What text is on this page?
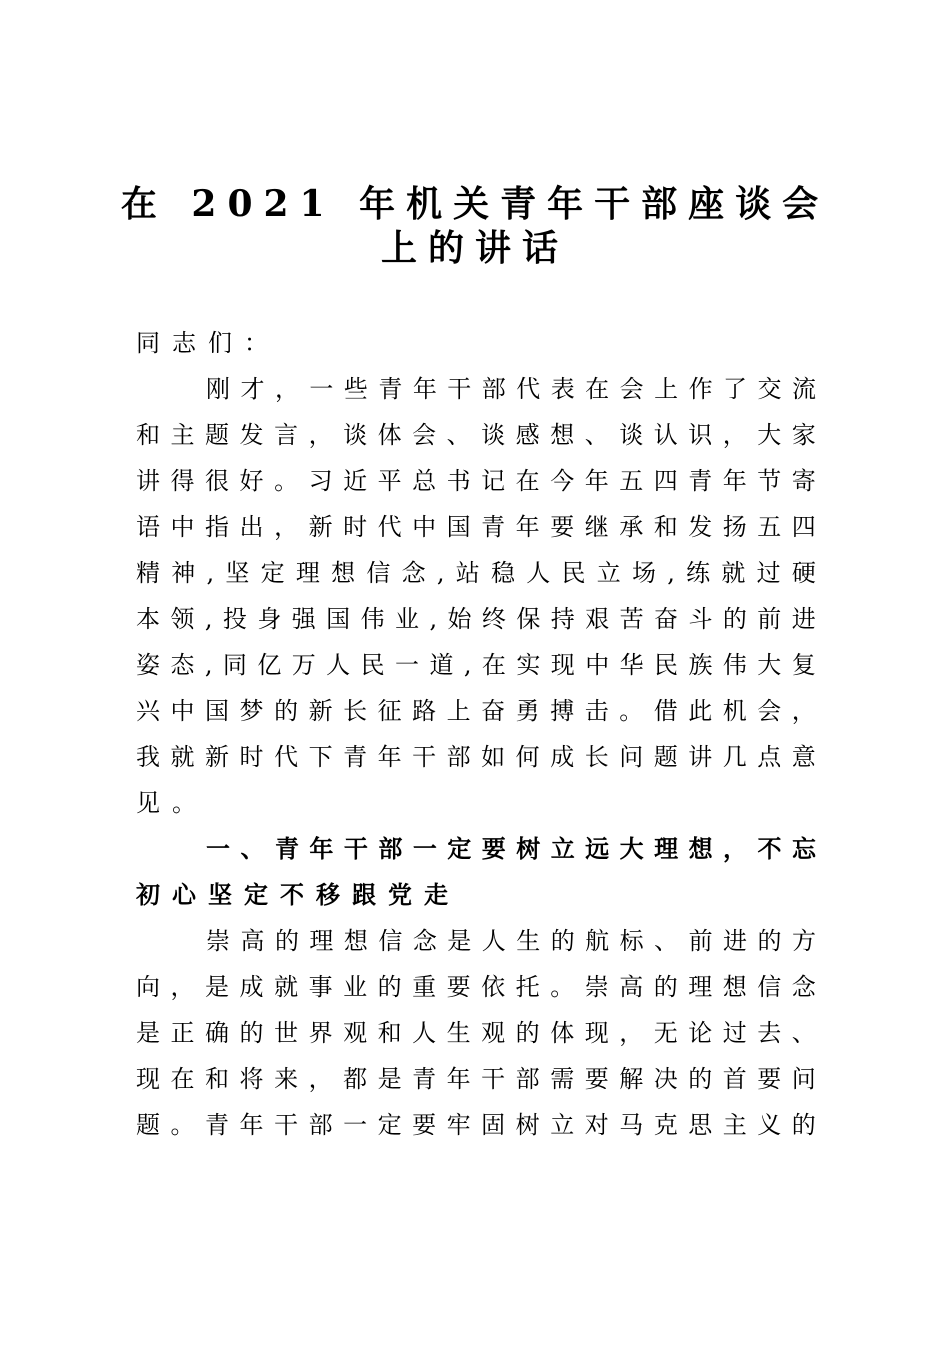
在 2021 年机关青年干部座谈会
上的讲话

同 志 们 ：

刚 才 ， 一 些 青 年 干 部 代 表 在 会 上 作 了 交 流

和 主 题 发 言 ， 谈 体 会 、 谈 感 想 、 谈 认 识 ， 大 家

讲 得 很 好 。 习 近 平 总 书 记 在 今 年 五 四 青 年 节 寄

语 中 指 出 ， 新 时 代 中 国 青 年 要 继 承 和 发 扬 五 四

精 神 , 坚 定 理 想 信 念 , 站 稳 人 民 立 场 , 练 就 过 硬

本 领 , 投 身 强 国 伟 业 , 始 终 保 持 艰 苦 奋 斗 的 前 进

姿 态 , 同 亿 万 人 民 一 道 , 在 实 现 中 华 民 族 伟 大 复

兴 中 国 梦 的 新 长 征 路 上 奋 勇 搏 击 。 借 此 机 会 ，

我 就 新 时 代 下 青 年 干 部 如 何 成 长 问 题 讲 几 点 意

见 。

一 、 青 年 干 部 一 定 要 树 立 远 大 理 想 ， 不 忘

初 心 坚 定 不 移 跟 党 走

崇 高 的 理 想 信 念 是 人 生 的 航 标 、 前 进 的 方

向 ， 是 成 就 事 业 的 重 要 依 托 。 崇 高 的 理 想 信 念

是 正 确 的 世 界 观 和 人 生 观 的 体 现 ， 无 论 过 去 、

现 在 和 将 来 ， 都 是 青 年 干 部 需 要 解 决 的 首 要 问

题 。 青 年 干 部 一 定 要 牢 固 树 立 对 马 克 思 主 义 的
